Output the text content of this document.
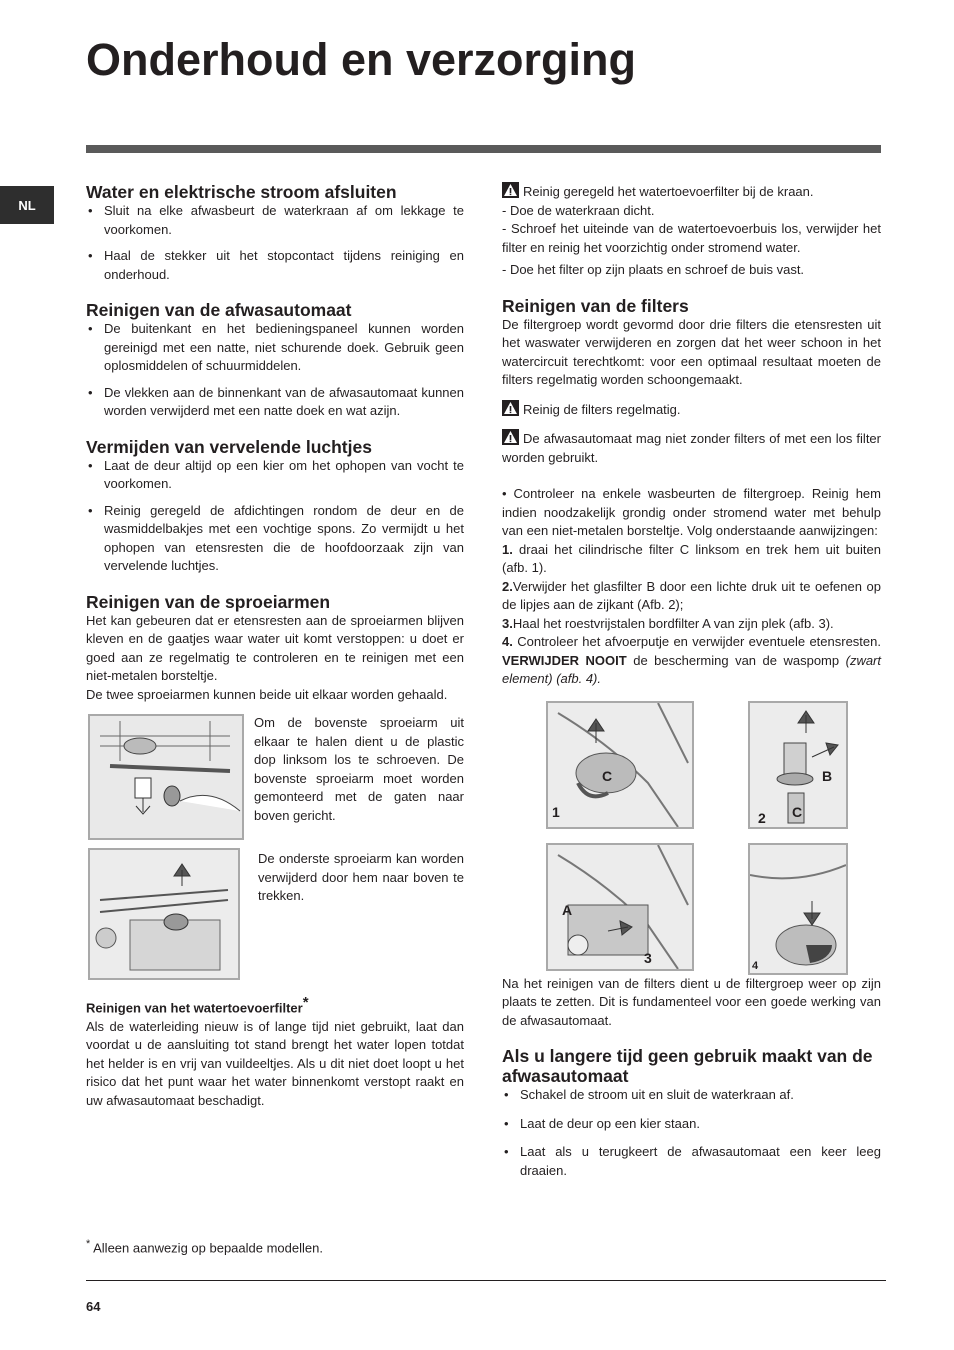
Onderhoud en verzorging
NL
Water en elektrische stroom afsluiten
• Sluit na elke afwasbeurt de waterkraan af om lekkage te voorkomen.
• Haal de stekker uit het stopcontact tijdens reiniging en onderhoud.
Reinigen van de afwasautomaat
• De buitenkant en het bedieningspaneel kunnen worden gereinigd met een natte, niet schurende doek. Gebruik geen oplosmiddelen of schuurmiddelen.
• De vlekken aan de binnenkant van de afwasautomaat kunnen worden verwijderd met een natte doek en wat azijn.
Vermijden van vervelende luchtjes
• Laat de deur altijd op een kier om het ophopen van vocht te voorkomen.
• Reinig geregeld de afdichtingen rondom de deur en de wasmiddelbakjes met een vochtige spons. Zo vermijdt u het ophopen van etensresten die de hoofdoorzaak zijn van vervelende luchtjes.
Reinigen van de sproeiarmen

Het kan gebeuren dat er etensresten aan de sproeiarmen blijven kleven en de gaatjes waar water uit komt verstoppen: u doet er goed aan ze regelmatig te controleren en te reinigen met een niet-metalen borsteltje.

De twee sproeiarmen kunnen beide uit elkaar worden gehaald.

Om de bovenste sproeiarm uit elkaar te halen dient u de plastic dop linksom los te schroeven. De bovenste sproeiarm moet worden gemonteerd met de gaten naar boven gericht.

De onderste sproeiarm kan worden verwijderd door hem naar boven te trekken.

Reinigen van het watertoevoerfilter*

Als de waterleiding nieuw is of lange tijd niet gebruikt, laat dan voordat u de aansluiting tot stand brengt het water lopen totdat het helder is en vrij van vuildeeltjes. Als u dit niet doet loopt u het risico dat het punt waar het water binnenkomt verstopt raakt en uw afwasautomaat beschadigt.

Reinig geregeld het watertoevoerfilter bij de kraan.

- Doe de waterkraan dicht.

- Schroef het uiteinde van de watertoevoerbuis los, verwijder het filter en reinig het voorzichtig onder stromend water.

- Doe het filter op zijn plaats en schroef de buis vast.

Reinigen van de filters

De filtergroep wordt gevormd door drie filters die etensresten uit het waswater verwijderen en zorgen dat het weer schoon in het watercircuit terechtkomt: voor een optimaal resultaat moeten de filters regelmatig worden schoongemaakt.

Reinig de filters regelmatig.

De afwasautomaat mag niet zonder filters of met een los filter worden gebruikt.

• Controleer na enkele wasbeurten de filtergroep. Reinig hem indien noodzakelijk grondig onder stromend water met behulp van een niet-metalen borsteltje. Volg onderstaande aanwijzingen:

1. draai het cilindrische filter C linksom en trek hem uit buiten (afb. 1).

2.Verwijder het glasfilter B door een lichte druk uit te oefenen op de lipjes aan de zijkant (Afb. 2);

3.Haal het roestvrijstalen bordfilter A van zijn plek (afb. 3).

4. Controleer het afvoerputje en verwijder eventuele etensresten. VERWIJDER NOOIT de bescherming van de waspomp (zwart element) (afb. 4).

C
1
B
C
2
A
3	4

Na het reinigen van de filters dient u de filtergroep weer op zijn plaats te zetten. Dit is fundamenteel voor een goede werking van de afwasautomaat.

Als u langere tijd geen gebruik maakt van de afwasautomaat
• Schakel de stroom uit en sluit de waterkraan af.
• Laat de deur op een kier staan.
• Laat als u terugkeert de afwasautomaat een keer leeg draaien.
* Alleen aanwezig op bepaalde modellen.
64
